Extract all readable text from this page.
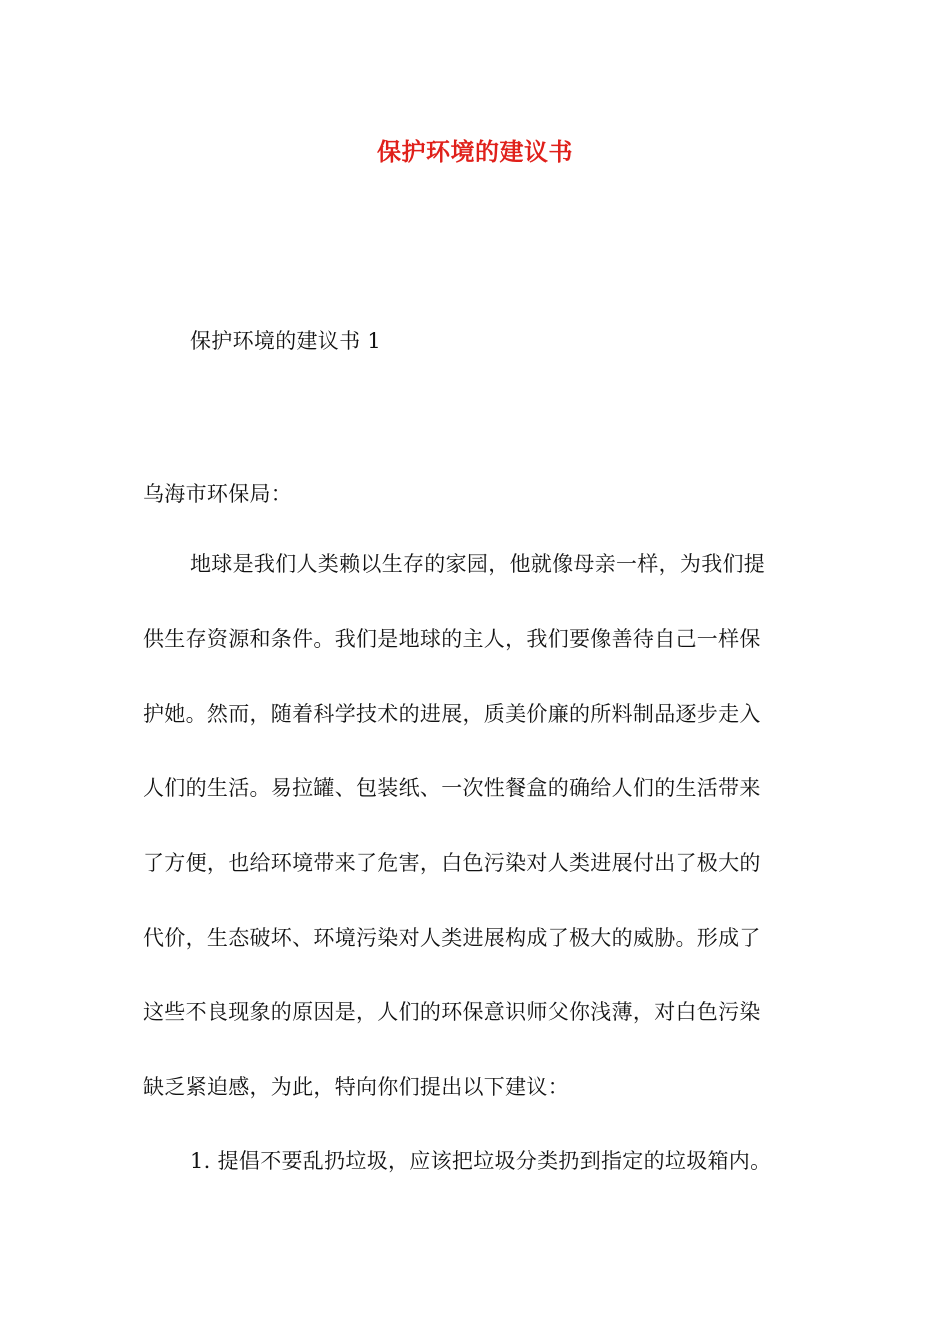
保护环境的建议书
保护环境的建议书 1
乌海市环保局：
地球是我们人类赖以生存的家园，他就像母亲一样，为我们提
供生存资源和条件。我们是地球的主人，我们要像善待自己一样保
护她。然而，随着科学技术的进展，质美价廉的所料制品逐步走入
人们的生活。易拉罐、包装纸、一次性餐盒的确给人们的生活带来
了方便，也给环境带来了危害，白色污染对人类进展付出了极大的
代价，生态破坏、环境污染对人类进展构成了极大的威胁。形成了
这些不良现象的原因是，人们的环保意识师父你浅薄，对白色污染
缺乏紧迫感，为此，特向你们提出以下建议：
1. 提倡不要乱扔垃圾，应该把垃圾分类扔到指定的垃圾箱内。
